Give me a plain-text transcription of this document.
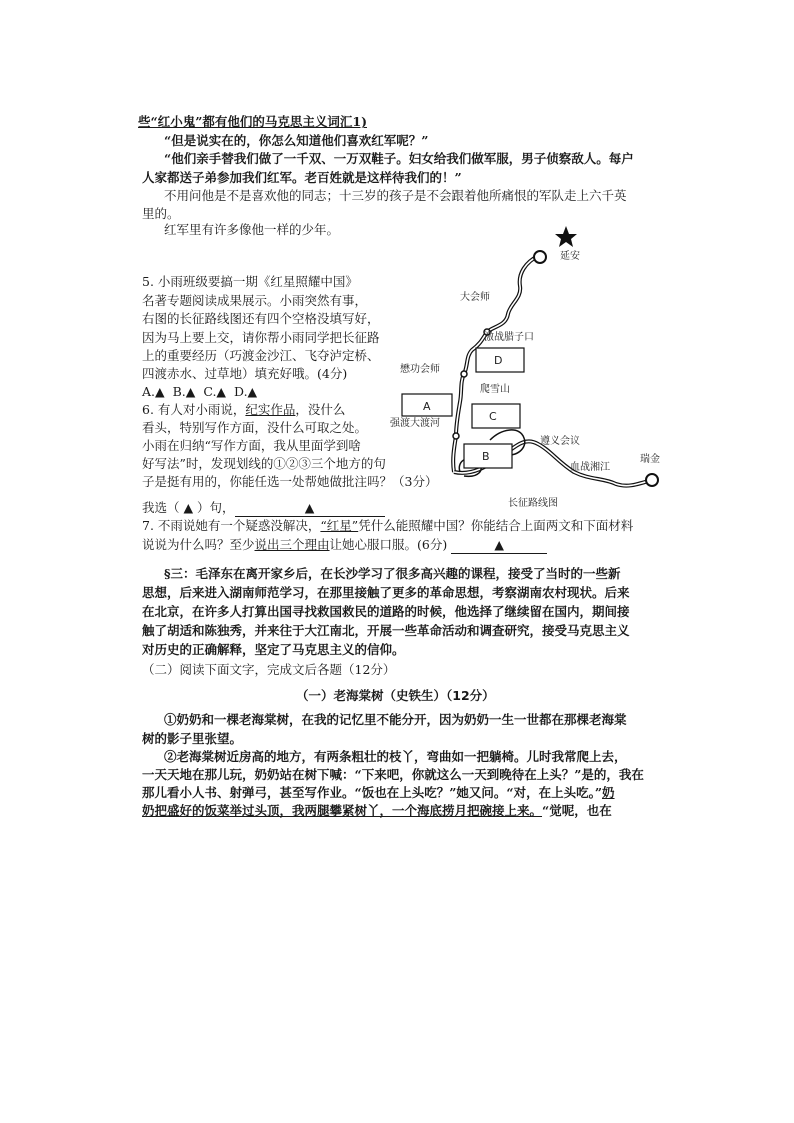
些“红小鬼”都有他们的马克思主义词汇1)
“但是说实在的，你怎么知道他们喜欢红军呢？”
“他们亲手替我们做了一千双、一万双鞋子。妇女给我们做军服，男子侦察敌人。每户
人家都送子弟参加我们红军。老百姓就是这样待我们的！”
不用问他是不是喜欢他的同志；十三岁的孩子是不会跟着他所痛恨的军队走上六千英
里的。
红军里有许多像他一样的少年。
5. 小雨班级要搞一期《红星照耀中国》
名著专题阅读成果展示。小雨突然有事，
右图的长征路线图还有四个空格没填写好，
因为马上要上交，请你帮小雨同学把长征路
上的重要经历（巧渡金沙江、飞夺泸定桥、
四渡赤水、过草地）填充好哦。(4分)
A.▲ B.▲ C.▲ D.▲
6. 有人对小雨说，纪实作品，没什么
看头，特别写作方面，没什么可取之处。
小雨在归纳“写作方面，我从里面学到啥
好写法”时，发现划线的①②③三个地方的句
子是挺有用的，你能任选一处帮她做批注吗？（3分）
我选（ ▲ ）句，	▲
7. 不雨说她有一个疑惑没解决，“红星”凭什么能照耀中国？你能结合上面两文和下面材料
说说为什么吗？至少说出三个理由让她心服口服。(6分)	▲
§三：毛泽东在离开家乡后，在长沙学习了很多高兴趣的课程，接受了当时的一些新
思想，后来进入湖南师范学习，在那里接触了更多的革命思想，考察湖南农村现状。后来
在北京，在许多人打算出国寻找救国救民的道路的时候，他选择了继续留在国内，期间接
触了胡适和陈独秀，并来往于大江南北，开展一些革命活动和调查研究，接受马克思主义
对历史的正确解释，坚定了马克思主义的信仰。
（二）阅读下面文字，完成文后各题（12分）
（一）老海棠树（史铁生）（12分）
①奶奶和一棵老海棠树，在我的记忆里不能分开，因为奶奶一生一世都在那棵老海棠
树的影子里张望。
②老海棠树近房高的地方，有两条粗壮的枝丫，弯曲如一把躺椅。儿时我常爬上去，
一天天地在那儿玩，奶奶站在树下喊：“下来吧，你就这么一天到晚待在上头？”是的，我在
那儿看小人书、射弹弓，甚至写作业。“饭也在上头吃？”她又问。“对，在上头吃。”奶
奶把盛好的饭菜举过头顶，我两腿攀紧树丫，一个海底捞月把碗接上来。“觉呢，也在
延安
大会师
激战腊子口
懋功会师
爬雪山
强渡大渡河
遵义会议
血战湘江
瑞金
长征路线图
A
B
C
D
